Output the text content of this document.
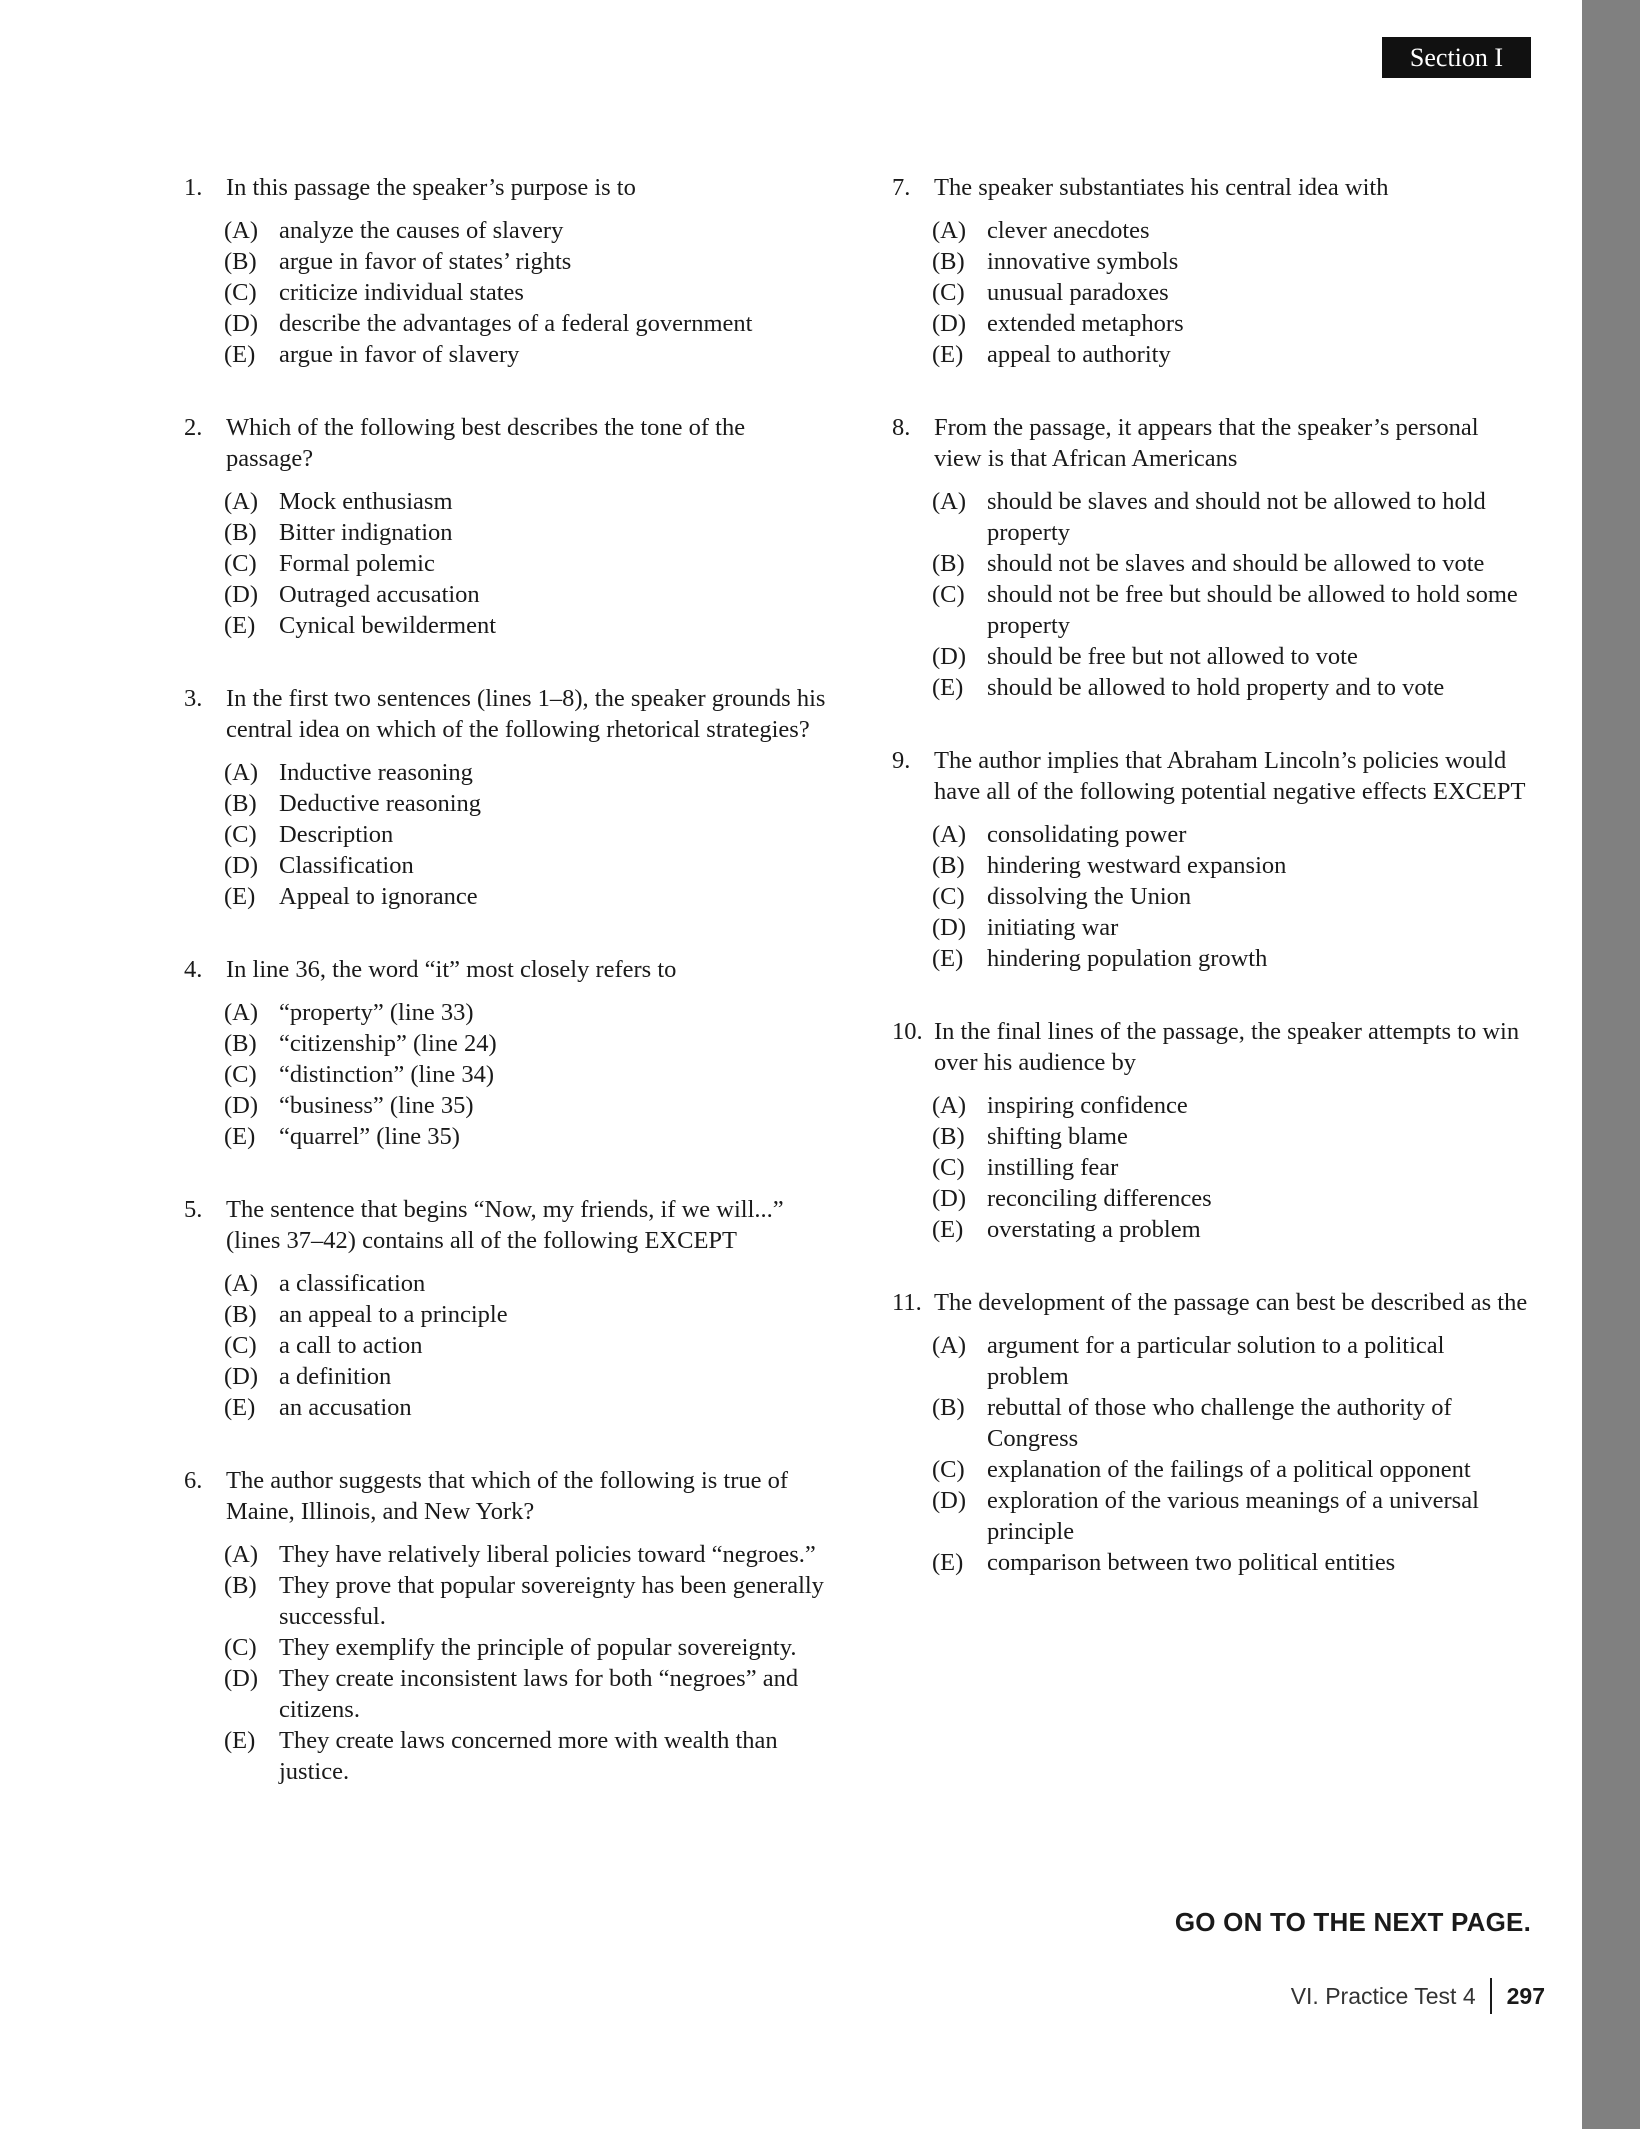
Section I
1. In this passage the speaker’s purpose is to
(A) analyze the causes of slavery
(B) argue in favor of states’ rights
(C) criticize individual states
(D) describe the advantages of a federal government
(E) argue in favor of slavery
2. Which of the following best describes the tone of the passage?
(A) Mock enthusiasm
(B) Bitter indignation
(C) Formal polemic
(D) Outraged accusation
(E) Cynical bewilderment
3. In the first two sentences (lines 1–8), the speaker grounds his central idea on which of the following rhetorical strategies?
(A) Inductive reasoning
(B) Deductive reasoning
(C) Description
(D) Classification
(E) Appeal to ignorance
4. In line 36, the word “it” most closely refers to
(A) “property” (line 33)
(B) “citizenship” (line 24)
(C) “distinction” (line 34)
(D) “business” (line 35)
(E) “quarrel” (line 35)
5. The sentence that begins “Now, my friends, if we will...” (lines 37–42) contains all of the following EXCEPT
(A) a classification
(B) an appeal to a principle
(C) a call to action
(D) a definition
(E) an accusation
6. The author suggests that which of the following is true of Maine, Illinois, and New York?
(A) They have relatively liberal policies toward “negroes.”
(B) They prove that popular sovereignty has been generally successful.
(C) They exemplify the principle of popular sovereignty.
(D) They create inconsistent laws for both “negroes” and citizens.
(E) They create laws concerned more with wealth than justice.
7. The speaker substantiates his central idea with
(A) clever anecdotes
(B) innovative symbols
(C) unusual paradoxes
(D) extended metaphors
(E) appeal to authority
8. From the passage, it appears that the speaker’s personal view is that African Americans
(A) should be slaves and should not be allowed to hold property
(B) should not be slaves and should be allowed to vote
(C) should not be free but should be allowed to hold some property
(D) should be free but not allowed to vote
(E) should be allowed to hold property and to vote
9. The author implies that Abraham Lincoln’s policies would have all of the following potential negative effects EXCEPT
(A) consolidating power
(B) hindering westward expansion
(C) dissolving the Union
(D) initiating war
(E) hindering population growth
10. In the final lines of the passage, the speaker attempts to win over his audience by
(A) inspiring confidence
(B) shifting blame
(C) instilling fear
(D) reconciling differences
(E) overstating a problem
11. The development of the passage can best be described as the
(A) argument for a particular solution to a political problem
(B) rebuttal of those who challenge the authority of Congress
(C) explanation of the failings of a political opponent
(D) exploration of the various meanings of a universal principle
(E) comparison between two political entities
GO ON TO THE NEXT PAGE.
VI. Practice Test 4 297
